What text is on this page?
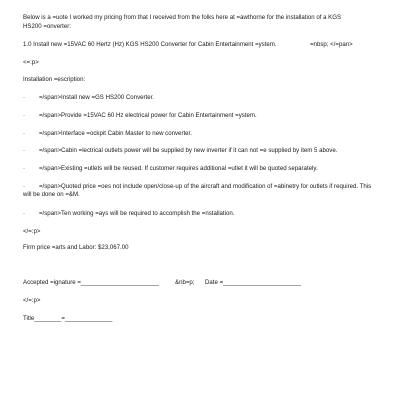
Below is a =uote I worked my pricing from that I received from the folks here at =awthorne for the installation of a KGS
HS200 =onverter:
1.0 Install new =15VAC 60 Hertz (Hz) KGS HS200 Converter for Cabin Entertainment =ystem.	=nbsp; </=pan>
<=:p>
Installation =escription:
· =/span>Install new =GS HS200 Converter.
· =/span>Provide =15VAC 60 Hz electrical power for Cabin Entertainment =ystem.
· =/span>Interface =ockpit Cabin Master to new converter.
· =/span>Cabin =lectrical outlets power will be supplied by new inverter if it can not =e supplied by item 5 above.
· =/span>Existing =utlets will be reused. If customer requires additional =utlet it will be quoted separately.
·	=/span>Quoted price =oes not include open/close-up of the aircraft and modification of =abinetry for outlets if required. This will be done on =&M.
· =/span>Ten working =ays will be required to accomplish the =nstallation.
</=:p>
Firm price =arts and Labor: $23,067.00
Accepted =ignature =_______________________	&nb=p; Date =_______________________
</=:p>
Title________=______________
